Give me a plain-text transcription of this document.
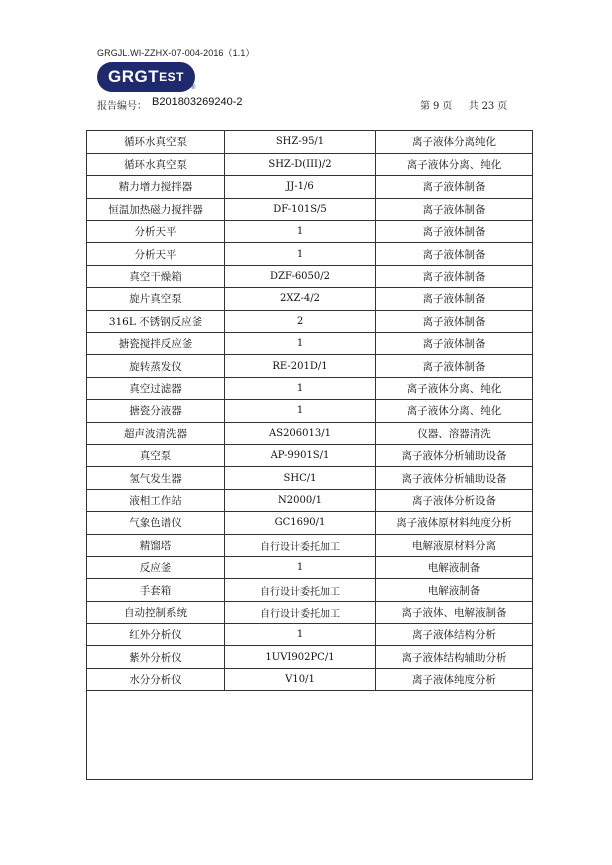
GRGJL.WI-ZZHX-07-004-2016（1.1）
GRGT EST
®
报告编号： B201803269240-2	第 9 页 共 23 页
循环水真空泵	SHZ-95/1	离子液体分离纯化
循环水真空泵	SHZ-D(III)/2	离子液体分离、纯化
精力增力搅拌器	JJ-1/6	离子液体制备
恒温加热磁力搅拌器	DF-101S/5	离子液体制备
分析天平	1	离子液体制备
分析天平	1	离子液体制备
真空干燥箱	DZF-6050/2	离子液体制备
旋片真空泵	2XZ-4/2	离子液体制备
316L 不锈钢反应釜	2	离子液体制备
搪瓷搅拌反应釜	1	离子液体制备
旋转蒸发仪	RE-201D/1	离子液体制备
真空过滤器	1	离子液体分离、纯化
搪瓷分液器	1	离子液体分离、纯化
超声波清洗器	AS206013/1	仪器、溶器清洗
真空泵	AP-9901S/1	离子液体分析辅助设备
氢气发生器	SHC/1	离子液体分析辅助设备
液相工作站	N2000/1	离子液体分析设备
气象色谱仪	GC1690/1	离子液体原材料纯度分析
精馏塔	自行设计委托加工	电解液原材料分离
反应釜	1	电解液制备
手套箱	自行设计委托加工	电解液制备
自动控制系统	自行设计委托加工	离子液体、电解液制备
红外分析仪	1	离子液体结构分析
紫外分析仪	1UVI902PC/1	离子液体结构辅助分析
水分分析仪	V10/1	离子液体纯度分析
